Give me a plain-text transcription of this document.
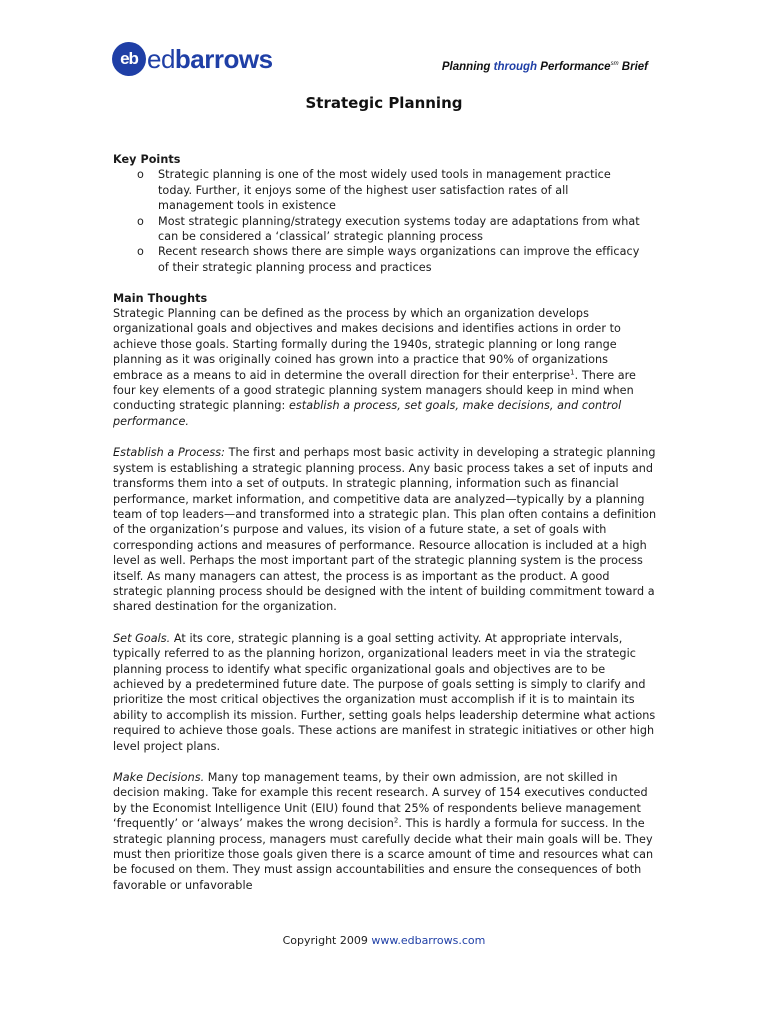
eb edbarrows	Planning through Performance$^{sm}$ Brief
Strategic Planning
Key Points
o Strategic planning is one of the most widely used tools in management practice today. Further, it enjoys some of the highest user satisfaction rates of all management tools in existence
o Most strategic planning/strategy execution systems today are adaptations from what can be considered a ‘classical’ strategic planning process
o Recent research shows there are simple ways organizations can improve the efficacy of their strategic planning process and practices
Main Thoughts

Strategic Planning can be defined as the process by which an organization develops organizational goals and objectives and makes decisions and identifies actions in order to achieve those goals. Starting formally during the 1940s, strategic planning or long range planning as it was originally coined has grown into a practice that 90% of organizations embrace as a means to aid in determine the overall direction for their enterprise$^1$. There are four key elements of a good strategic planning system managers should keep in mind when conducting strategic planning: establish a process, set goals, make decisions, and control performance.

Establish a Process: The first and perhaps most basic activity in developing a strategic planning system is establishing a strategic planning process. Any basic process takes a set of inputs and transforms them into a set of outputs. In strategic planning, information such as financial performance, market information, and competitive data are analyzed—typically by a planning team of top leaders—and transformed into a strategic plan. This plan often contains a definition of the organization’s purpose and values, its vision of a future state, a set of goals with corresponding actions and measures of performance. Resource allocation is included at a high level as well. Perhaps the most important part of the strategic planning system is the process itself. As many managers can attest, the process is as important as the product. A good strategic planning process should be designed with the intent of building commitment toward a shared destination for the organization.

Set Goals. At its core, strategic planning is a goal setting activity. At appropriate intervals, typically referred to as the planning horizon, organizational leaders meet in via the strategic planning process to identify what specific organizational goals and objectives are to be achieved by a predetermined future date. The purpose of goals setting is simply to clarify and prioritize the most critical objectives the organization must accomplish if it is to maintain its ability to accomplish its mission. Further, setting goals helps leadership determine what actions required to achieve those goals. These actions are manifest in strategic initiatives or other high level project plans.

Make Decisions. Many top management teams, by their own admission, are not skilled in decision making. Take for example this recent research. A survey of 154 executives conducted by the Economist Intelligence Unit (EIU) found that 25% of respondents believe management ‘frequently’ or ‘always’ makes the wrong decision$^2$. This is hardly a formula for success. In the strategic planning process, managers must carefully decide what their main goals will be. They must then prioritize those goals given there is a scarce amount of time and resources what can be focused on them. They must assign accountabilities and ensure the consequences of both favorable or unfavorable

Copyright 2009 www.edbarrows.com
